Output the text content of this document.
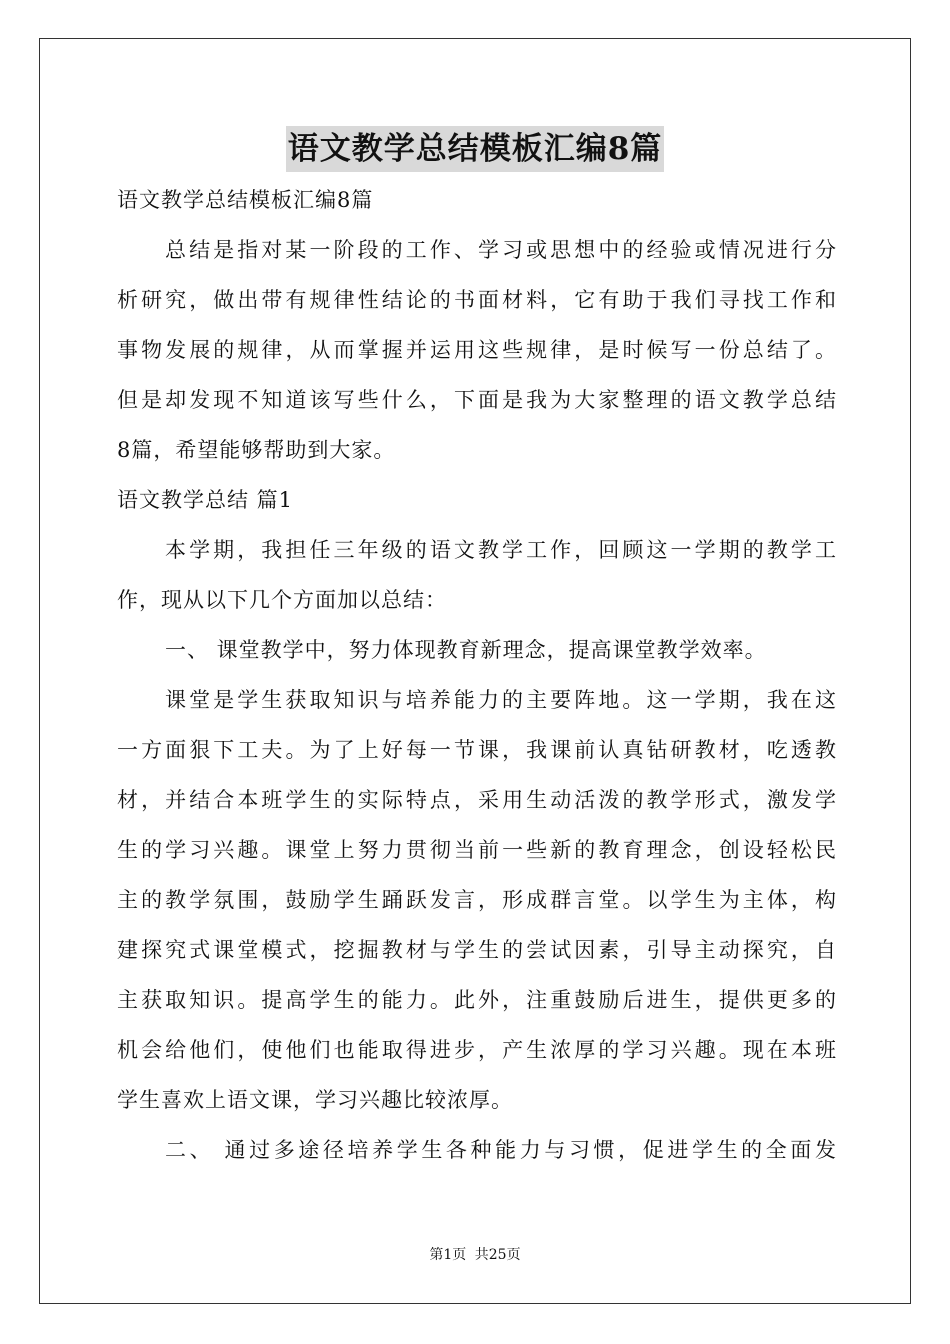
语文教学总结模板汇编8篇
语文教学总结模板汇编8篇
总结是指对某一阶段的工作、学习或思想中的经验或情况进行分
析研究，做出带有规律性结论的书面材料，它有助于我们寻找工作和
事物发展的规律，从而掌握并运用这些规律，是时候写一份总结了。
但是却发现不知道该写些什么，下面是我为大家整理的语文教学总结
8篇，希望能够帮助到大家。
语文教学总结 篇1
本学期，我担任三年级的语文教学工作，回顾这一学期的教学工
作，现从以下几个方面加以总结：
一、 课堂教学中，努力体现教育新理念，提高课堂教学效率。
课堂是学生获取知识与培养能力的主要阵地。这一学期，我在这
一方面狠下工夫。为了上好每一节课，我课前认真钻研教材，吃透教
材，并结合本班学生的实际特点，采用生动活泼的教学形式，激发学
生的学习兴趣。课堂上努力贯彻当前一些新的教育理念，创设轻松民
主的教学氛围，鼓励学生踊跃发言，形成群言堂。以学生为主体，构
建探究式课堂模式，挖掘教材与学生的尝试因素，引导主动探究，自
主获取知识。提高学生的能力。此外，注重鼓励后进生，提供更多的
机会给他们，使他们也能取得进步，产生浓厚的学习兴趣。现在本班
学生喜欢上语文课，学习兴趣比较浓厚。
二、 通过多途径培养学生各种能力与习惯，促进学生的全面发
第1页 共25页
